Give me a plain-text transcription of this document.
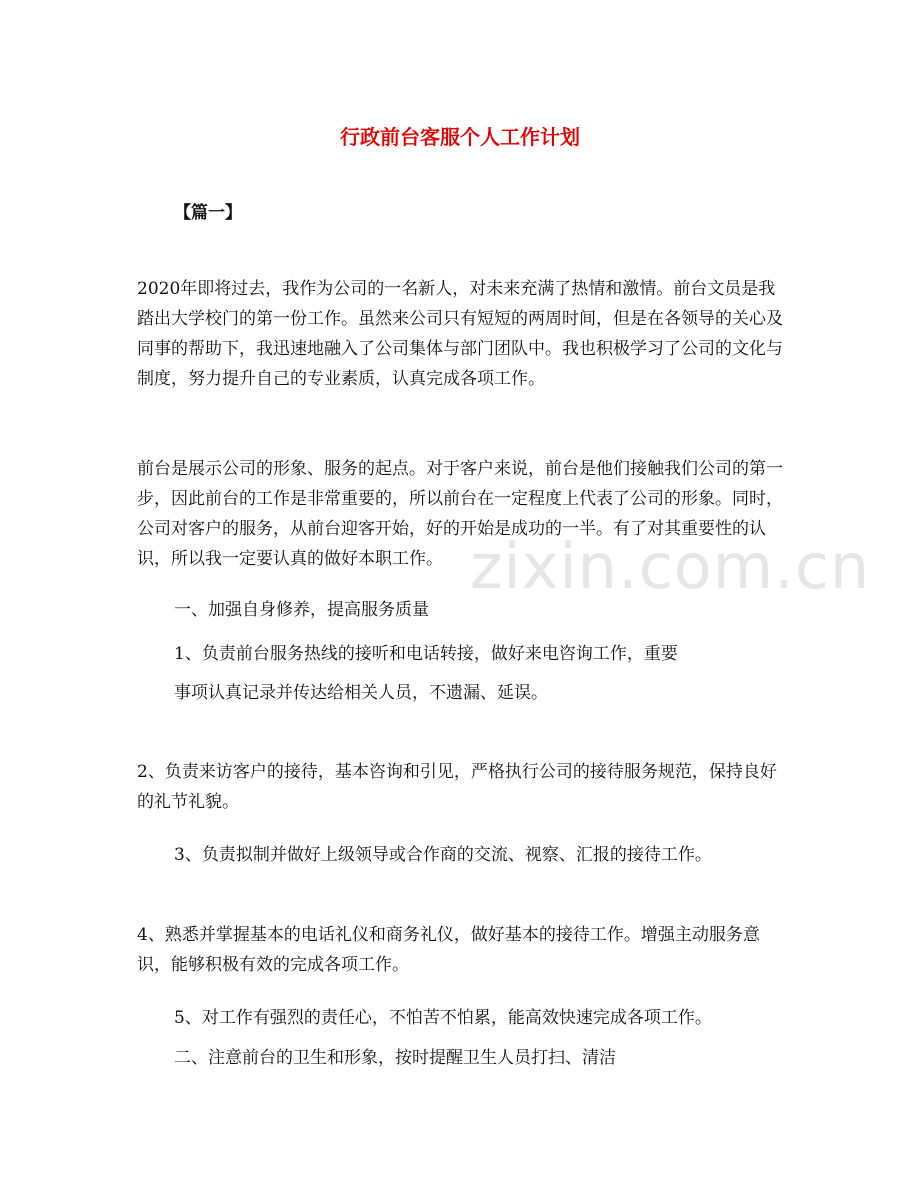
zixin.com.cn
行政前台客服个人工作计划
【篇一】

2020年即将过去，我作为公司的一名新人，对未来充满了热情和激情。前台文员是我踏出大学校门的第一份工作。虽然来公司只有短短的两周时间，但是在各领导的关心及同事的帮助下，我迅速地融入了公司集体与部门团队中。我也积极学习了公司的文化与制度，努力提升自己的专业素质，认真完成各项工作。

前台是展示公司的形象、服务的起点。对于客户来说，前台是他们接触我们公司的第一步，因此前台的工作是非常重要的，所以前台在一定程度上代表了公司的形象。同时，公司对客户的服务，从前台迎客开始，好的开始是成功的一半。有了对其重要性的认识，所以我一定要认真的做好本职工作。

一、加强自身修养，提高服务质量

1、负责前台服务热线的接听和电话转接，做好来电咨询工作，重要

事项认真记录并传达给相关人员，不遗漏、延误。

2、负责来访客户的接待，基本咨询和引见，严格执行公司的接待服务规范，保持良好的礼节礼貌。

3、负责拟制并做好上级领导或合作商的交流、视察、汇报的接待工作。

4、熟悉并掌握基本的电话礼仪和商务礼仪，做好基本的接待工作。增强主动服务意识，能够积极有效的完成各项工作。

5、对工作有强烈的责任心，不怕苦不怕累，能高效快速完成各项工作。

二、注意前台的卫生和形象，按时提醒卫生人员打扫、清洁
